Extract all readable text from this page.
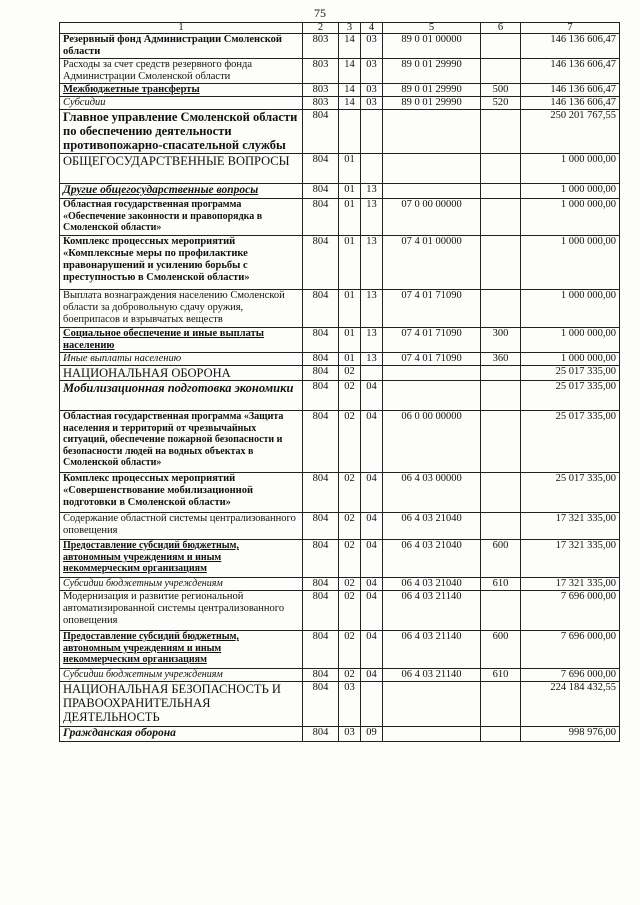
75
1	2	3	4	5	6	7
Резервный фонд Администрации Смоленской области	803	14	03	89 0 01 00000		146 136 606,47
Расходы за счет средств резервного фонда Администрации Смоленской области	803	14	03	89 0 01 29990		146 136 606,47
Межбюджетные трансферты	803	14	03	89 0 01 29990	500	146 136 606,47
Субсидии	803	14	03	89 0 01 29990	520	146 136 606,47
Главное управление Смоленской области по обеспечению деятельности противопожарно-спасательной службы	804					250 201 767,55
ОБЩЕГОСУДАРСТВЕННЫЕ ВОПРОСЫ	804	01				1 000 000,00
Другие общегосударственные вопросы	804	01	13			1 000 000,00
Областная государственная программа «Обеспечение законности и правопорядка в Смоленской области»	804	01	13	07 0 00 00000		1 000 000,00
Комплекс процессных мероприятий «Комплексные меры по профилактике правонарушений и усилению борьбы с преступностью в Смоленской области»	804	01	13	07 4 01 00000		1 000 000,00
Выплата вознаграждения населению Смоленской области за добровольную сдачу оружия, боеприпасов и взрывчатых веществ	804	01	13	07 4 01 71090		1 000 000,00
Социальное обеспечение и иные выплаты населению	804	01	13	07 4 01 71090	300	1 000 000,00
Иные выплаты населению	804	01	13	07 4 01 71090	360	1 000 000,00
НАЦИОНАЛЬНАЯ ОБОРОНА	804	02				25 017 335,00
Мобилизационная подготовка экономики	804	02	04			25 017 335,00
Областная государственная программа «Защита населения и территорий от чрезвычайных ситуаций, обеспечение пожарной безопасности и безопасности людей на водных объектах в Смоленской области»	804	02	04	06 0 00 00000		25 017 335,00
Комплекс процессных мероприятий «Совершенствование мобилизационной подготовки в Смоленской области»	804	02	04	06 4 03 00000		25 017 335,00
Содержание областной системы централизованного оповещения	804	02	04	06 4 03 21040		17 321 335,00
Предоставление субсидий бюджетным, автономным учреждениям и иным некоммерческим организациям	804	02	04	06 4 03 21040	600	17 321 335,00
Субсидии бюджетным учреждениям	804	02	04	06 4 03 21040	610	17 321 335,00
Модернизация и развитие региональной автоматизированной системы централизованного оповещения	804	02	04	06 4 03 21140		7 696 000,00
Предоставление субсидий бюджетным, автономным учреждениям и иным некоммерческим организациям	804	02	04	06 4 03 21140	600	7 696 000,00
Субсидии бюджетным учреждениям	804	02	04	06 4 03 21140	610	7 696 000,00
НАЦИОНАЛЬНАЯ БЕЗОПАСНОСТЬ И ПРАВООХРАНИТЕЛЬНАЯ ДЕЯТЕЛЬНОСТЬ	804	03				224 184 432,55
Гражданская оборона	804	03	09			998 976,00
